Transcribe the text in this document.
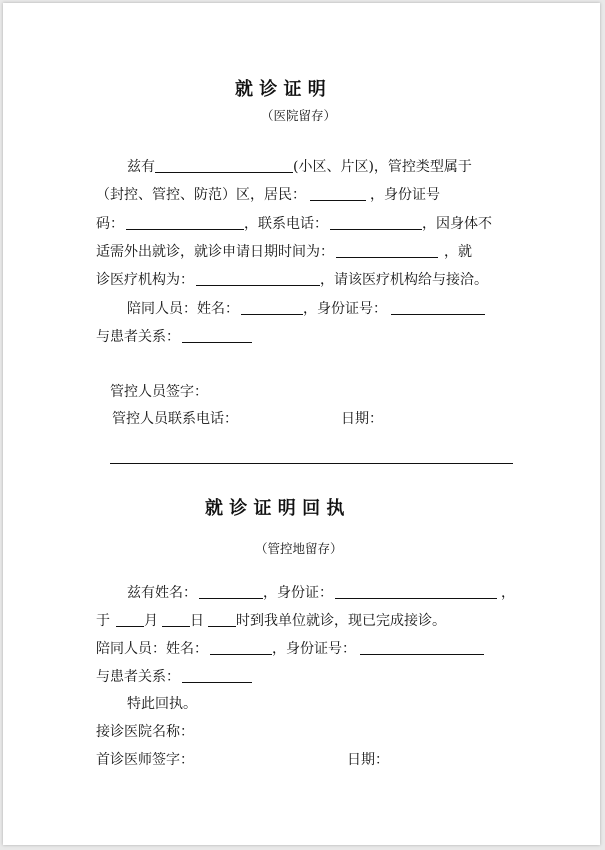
就 诊 证 明
（医院留存）
兹有	(小区、片区)，管控类型属于
（封控、管控、防范）区，居民：	，身份证号
码：	，联系电话：	，因身体不
适需外出就诊，就诊申请日期时间为：	，就
诊医疗机构为：	，请该医疗机构给与接洽。
陪同人员：姓名：	，身份证号：
与患者关系：
管控人员签字：
管控人员联系电话：	日期：
就 诊 证 明 回 执
（管控地留存）
兹有姓名：	，身份证：	，
于 月 日 时到我单位就诊，现已完成接诊。
陪同人员：姓名：	，身份证号：
与患者关系：
特此回执。
接诊医院名称：
首诊医师签字：	日期：
